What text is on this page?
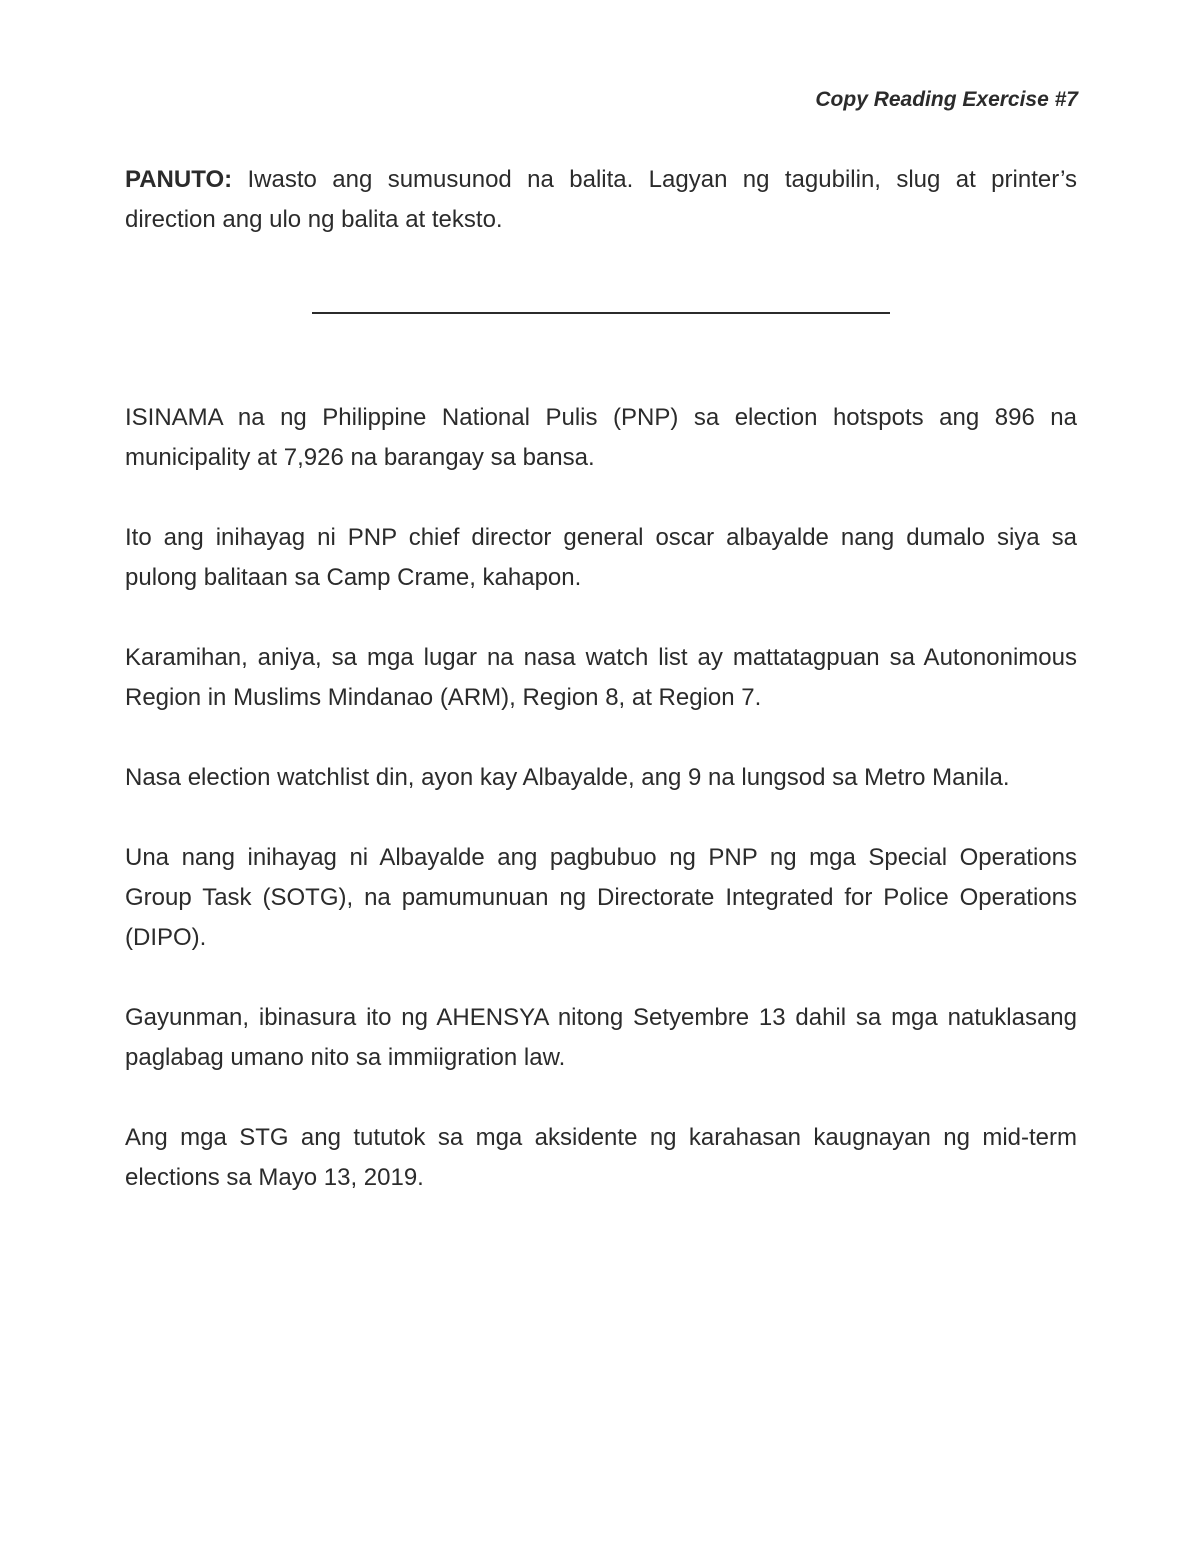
Copy Reading Exercise #7

PANUTO: Iwasto ang sumusunod na balita. Lagyan ng tagubilin, slug at printer’s direction ang ulo ng balita at teksto.

ISINAMA na ng Philippine National Pulis (PNP) sa election hotspots ang 896 na municipality at 7,926 na barangay sa bansa.

Ito ang inihayag ni PNP chief director general oscar albayalde nang dumalo siya sa pulong balitaan sa Camp Crame, kahapon.

Karamihan, aniya, sa mga lugar na nasa watch list ay mattatagpuan sa Autononimous Region in Muslims Mindanao (ARM), Region 8, at Region 7.

Nasa election watchlist din, ayon kay Albayalde, ang 9 na lungsod sa Metro Manila.

Una nang inihayag ni Albayalde ang pagbubuo ng PNP ng mga Special Operations Group Task (SOTG), na pamumunuan ng Directorate Integrated for Police Operations (DIPO).

Gayunman, ibinasura ito ng AHENSYA nitong Setyembre 13 dahil sa mga natuklasang paglabag umano nito sa immiigration law.

Ang mga STG ang tututok sa mga aksidente ng karahasan kaugnayan ng mid-term elections sa Mayo 13, 2019.
